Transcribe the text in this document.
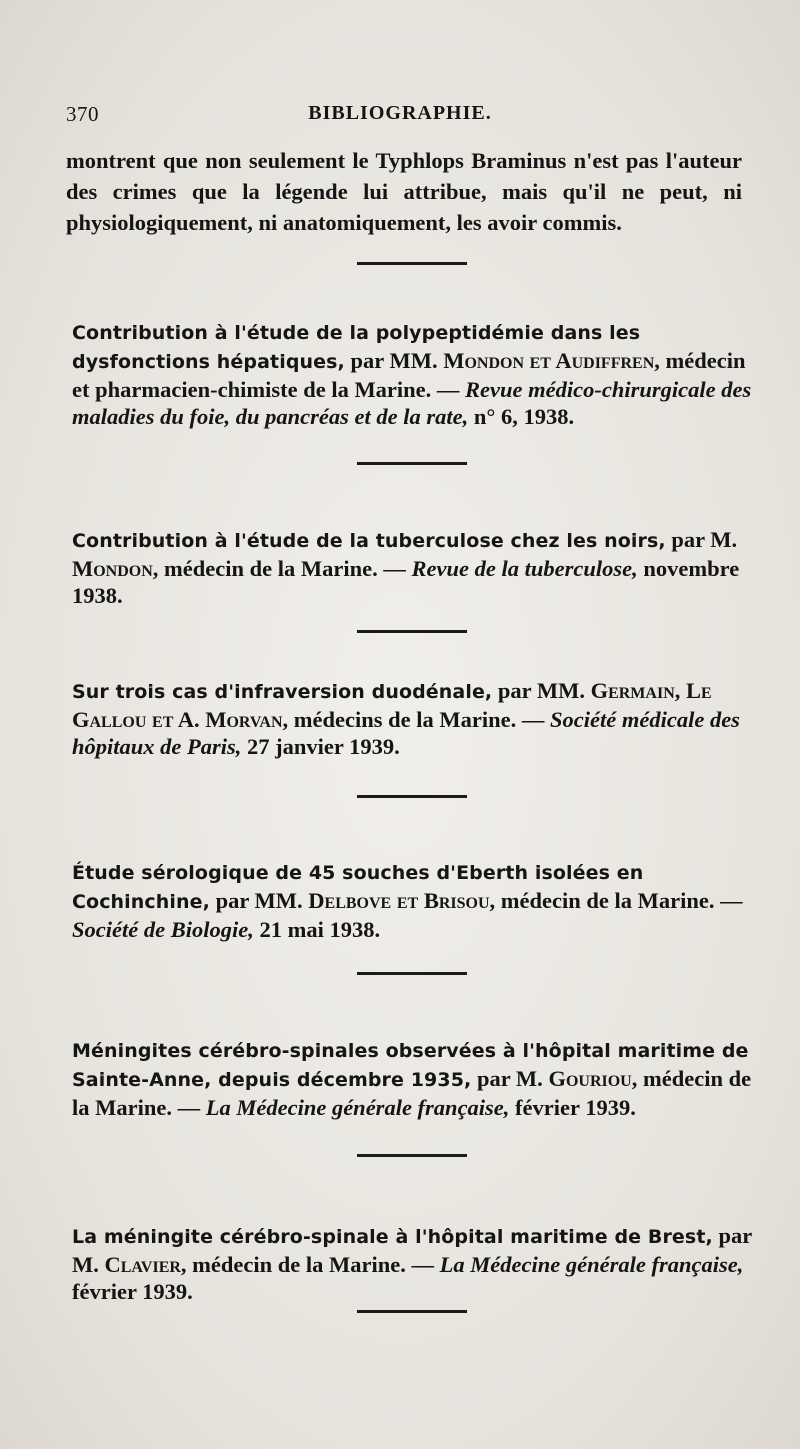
370	BIBLIOGRAPHIE.
montrent que non seulement le Typhlops Braminus n'est pas l'auteur des crimes que la légende lui attribue, mais qu'il ne peut, ni physiologiquement, ni anatomiquement, les avoir commis.
Contribution à l'étude de la polypeptidémie dans les dysfonctions hépatiques, par MM. Mondon et Audiffren, médecin et pharmacien-chimiste de la Marine. — Revue médico-chirurgicale des maladies du foie, du pancréas et de la rate, n° 6, 1938.
Contribution à l'étude de la tuberculose chez les noirs, par M. Mondon, médecin de la Marine. — Revue de la tuberculose, novembre 1938.
Sur trois cas d'infraversion duodénale, par MM. Germain, Le Gallou et A. Morvan, médecins de la Marine. — Société médicale des hôpitaux de Paris, 27 janvier 1939.
Étude sérologique de 45 souches d'Eberth isolées en Cochinchine, par MM. Delbove et Brisou, médecin de la Marine. — Société de Biologie, 21 mai 1938.
Méningites cérébro-spinales observées à l'hôpital maritime de Sainte-Anne, depuis décembre 1935, par M. Gouriou, médecin de la Marine. — La Médecine générale française, février 1939.
La méningite cérébro-spinale à l'hôpital maritime de Brest, par M. Clavier, médecin de la Marine. — La Médecine générale française, février 1939.
